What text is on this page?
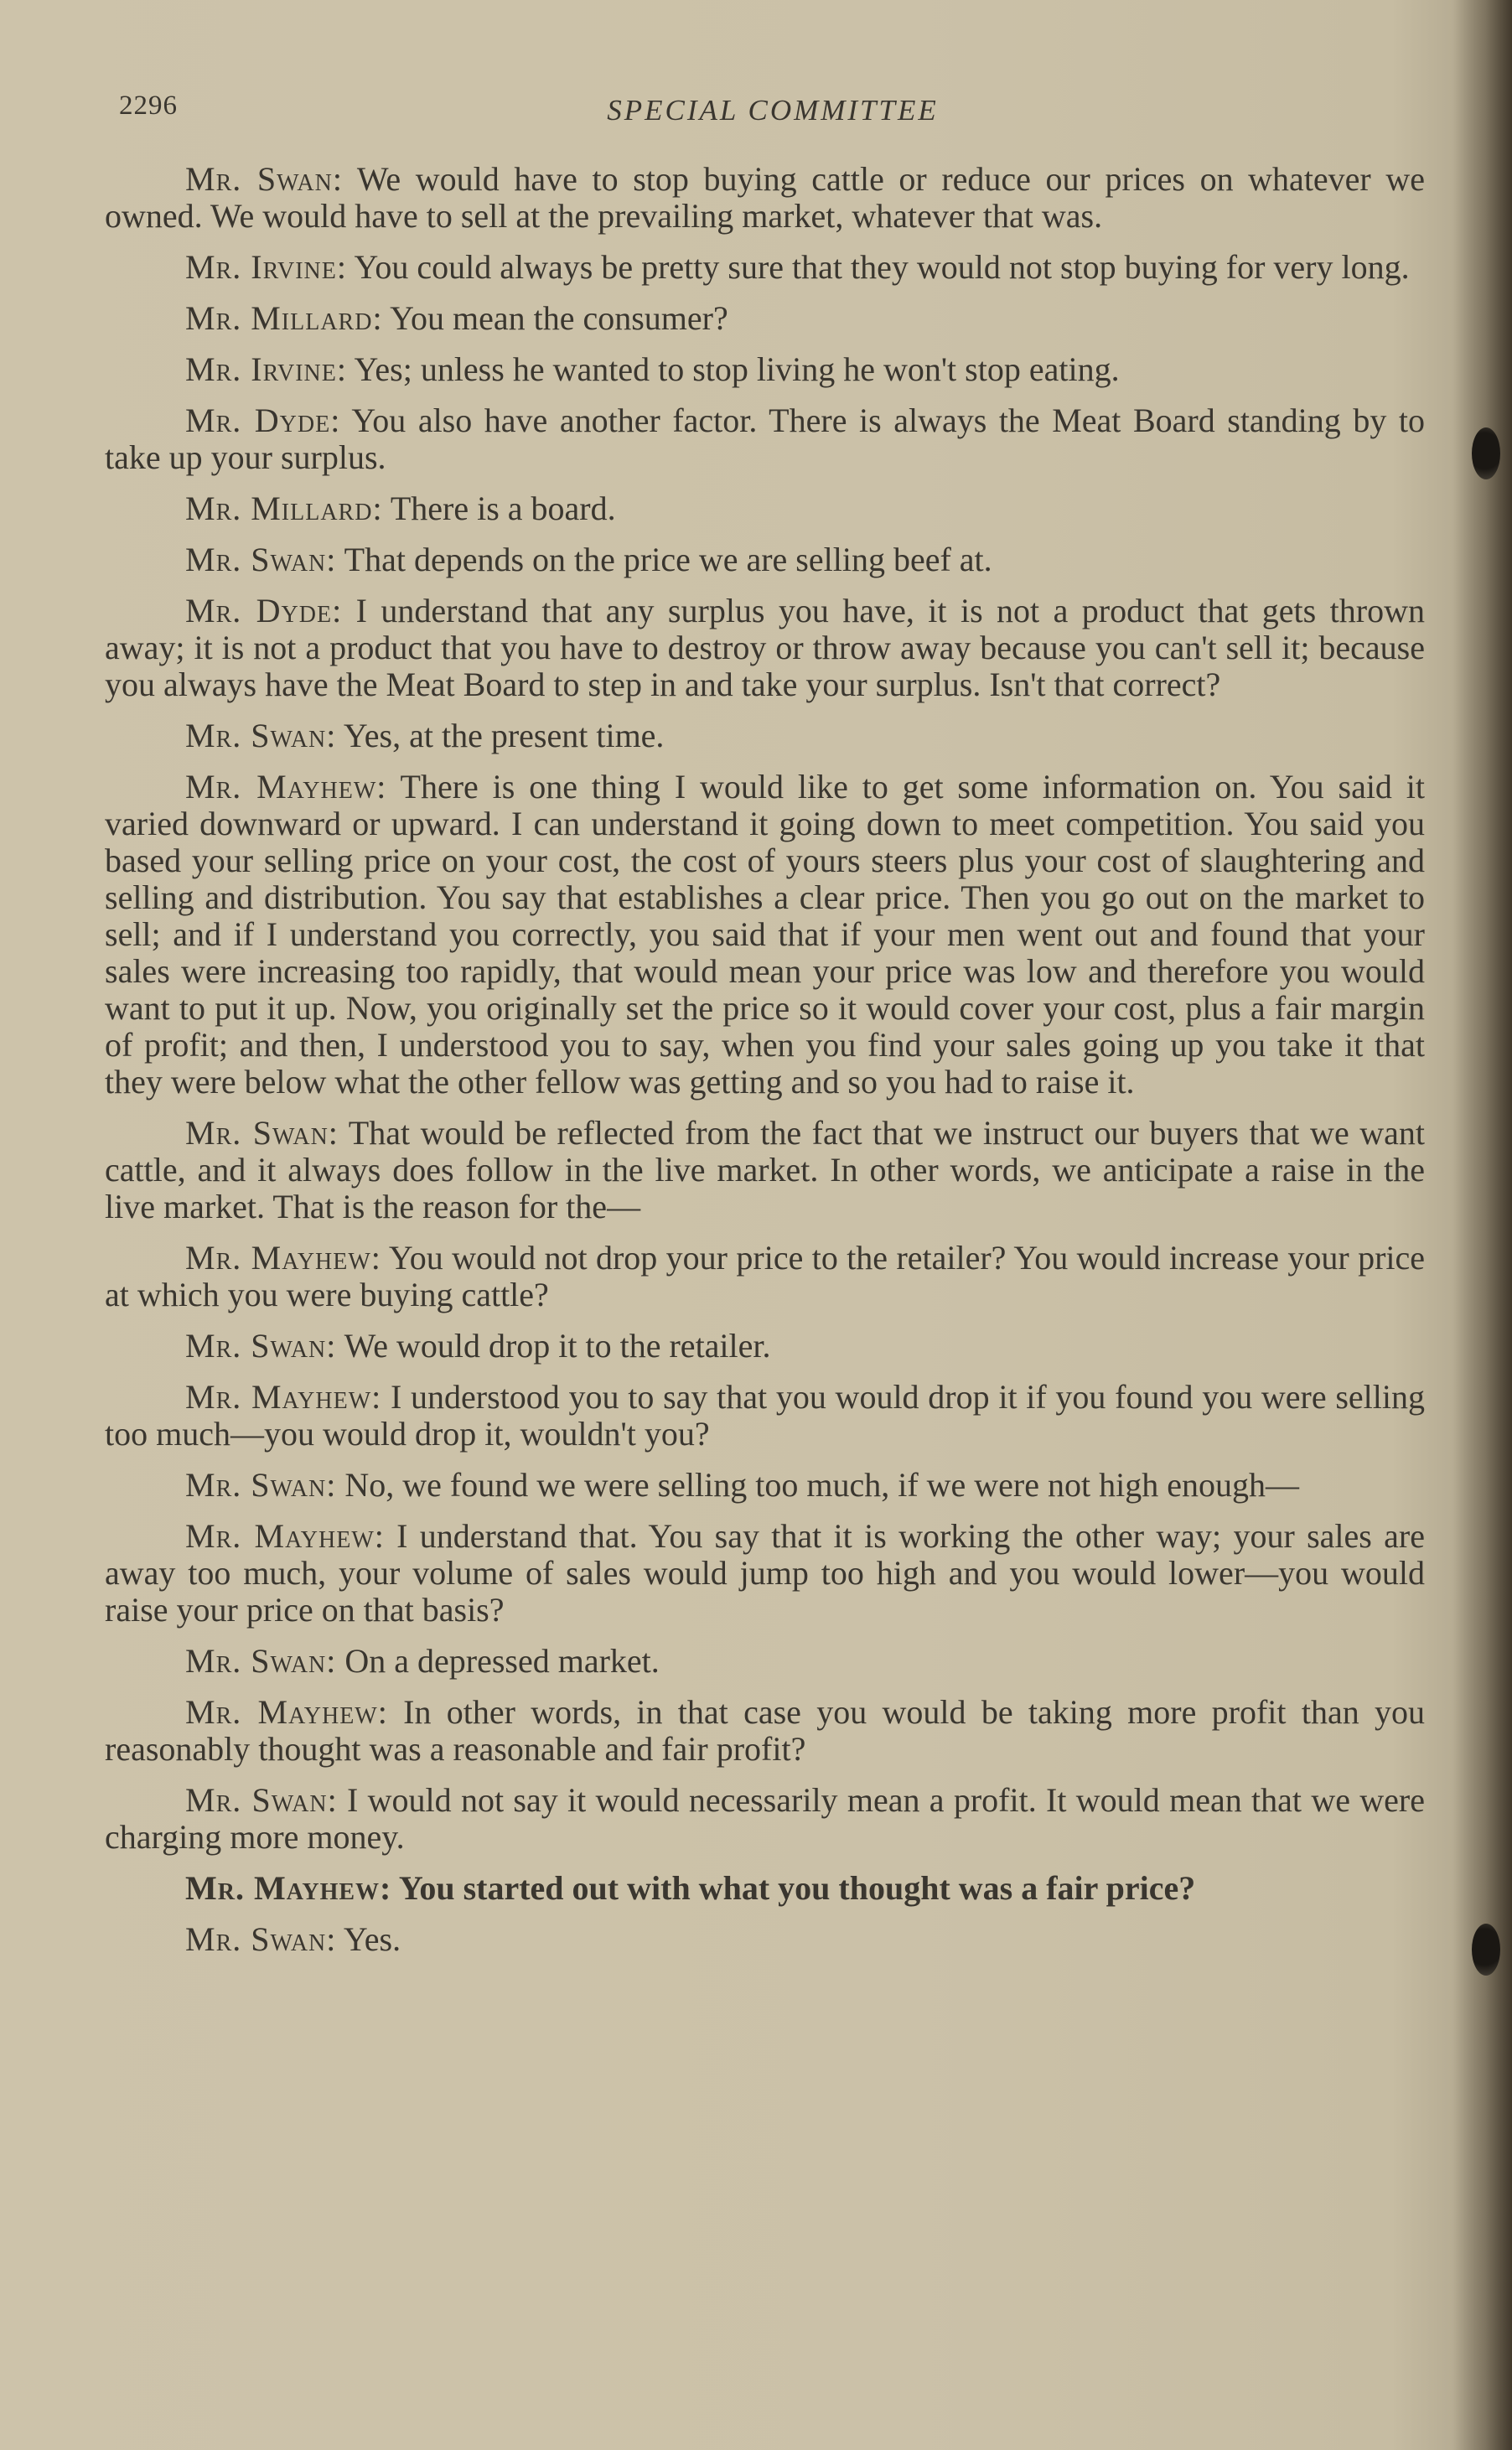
2296	SPECIAL COMMITTEE

Mr. Swan: We would have to stop buying cattle or reduce our prices on whatever we owned. We would have to sell at the prevailing market, whatever that was.

Mr. Irvine: You could always be pretty sure that they would not stop buying for very long.

Mr. Millard: You mean the consumer?

Mr. Irvine: Yes; unless he wanted to stop living he won't stop eating.

Mr. Dyde: You also have another factor. There is always the Meat Board standing by to take up your surplus.

Mr. Millard: There is a board.

Mr. Swan: That depends on the price we are selling beef at.

Mr. Dyde: I understand that any surplus you have, it is not a product that gets thrown away; it is not a product that you have to destroy or throw away because you can't sell it; because you always have the Meat Board to step in and take your surplus. Isn't that correct?

Mr. Swan: Yes, at the present time.

Mr. Mayhew: There is one thing I would like to get some information on. You said it varied downward or upward. I can understand it going down to meet competition. You said you based your selling price on your cost, the cost of yours steers plus your cost of slaughtering and selling and distribution. You say that establishes a clear price. Then you go out on the market to sell; and if I understand you correctly, you said that if your men went out and found that your sales were increasing too rapidly, that would mean your price was low and therefore you would want to put it up. Now, you originally set the price so it would cover your cost, plus a fair margin of profit; and then, I understood you to say, when you find your sales going up you take it that they were below what the other fellow was getting and so you had to raise it.

Mr. Swan: That would be reflected from the fact that we instruct our buyers that we want cattle, and it always does follow in the live market. In other words, we anticipate a raise in the live market. That is the reason for the—

Mr. Mayhew: You would not drop your price to the retailer? You would increase your price at which you were buying cattle?

Mr. Swan: We would drop it to the retailer.

Mr. Mayhew: I understood you to say that you would drop it if you found you were selling too much—you would drop it, wouldn't you?

Mr. Swan: No, we found we were selling too much, if we were not high enough—

Mr. Mayhew: I understand that. You say that it is working the other way; your sales are away too much, your volume of sales would jump too high and you would lower—you would raise your price on that basis?

Mr. Swan: On a depressed market.

Mr. Mayhew: In other words, in that case you would be taking more profit than you reasonably thought was a reasonable and fair profit?

Mr. Swan: I would not say it would necessarily mean a profit. It would mean that we were charging more money.

Mr. Mayhew: You started out with what you thought was a fair price?

Mr. Swan: Yes.
